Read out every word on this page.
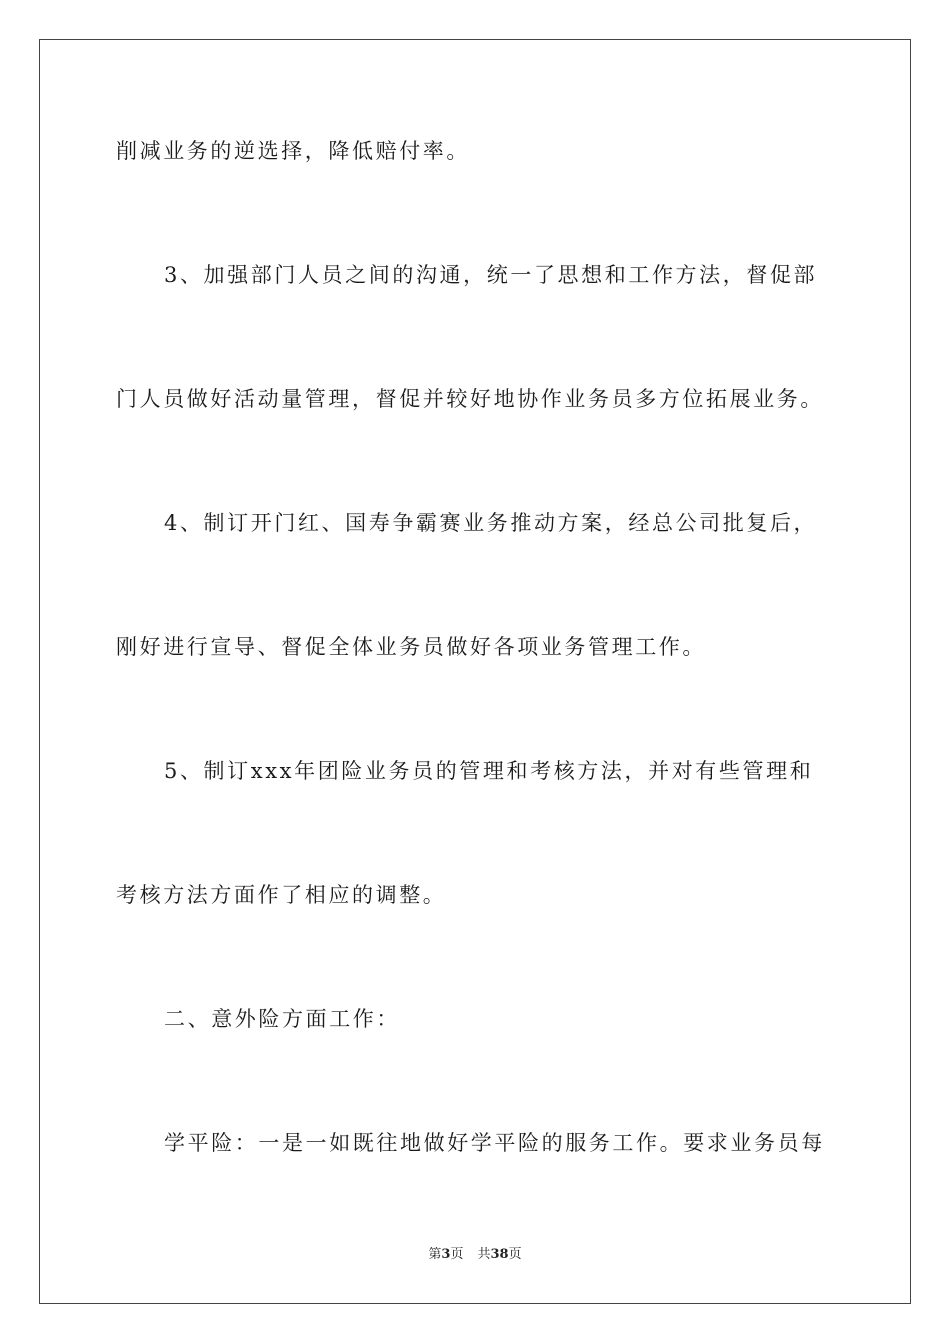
削减业务的逆选择，降低赔付率。

3、加强部门人员之间的沟通，统一了思想和工作方法，督促部

门人员做好活动量管理，督促并较好地协作业务员多方位拓展业务。

4、制订开门红、国寿争霸赛业务推动方案，经总公司批复后，

刚好进行宣导、督促全体业务员做好各项业务管理工作。

5、制订xxx年团险业务员的管理和考核方法，并对有些管理和

考核方法方面作了相应的调整。

二、意外险方面工作：

学平险：一是一如既往地做好学平险的服务工作。要求业务员每

第3页 共38页
